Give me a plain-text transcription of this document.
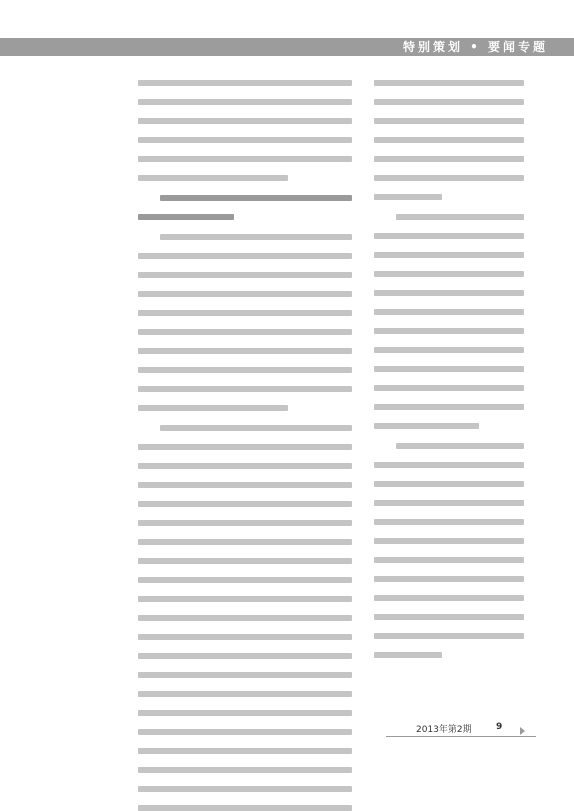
特别策划 • 要闻专题
2013年第2期	9
